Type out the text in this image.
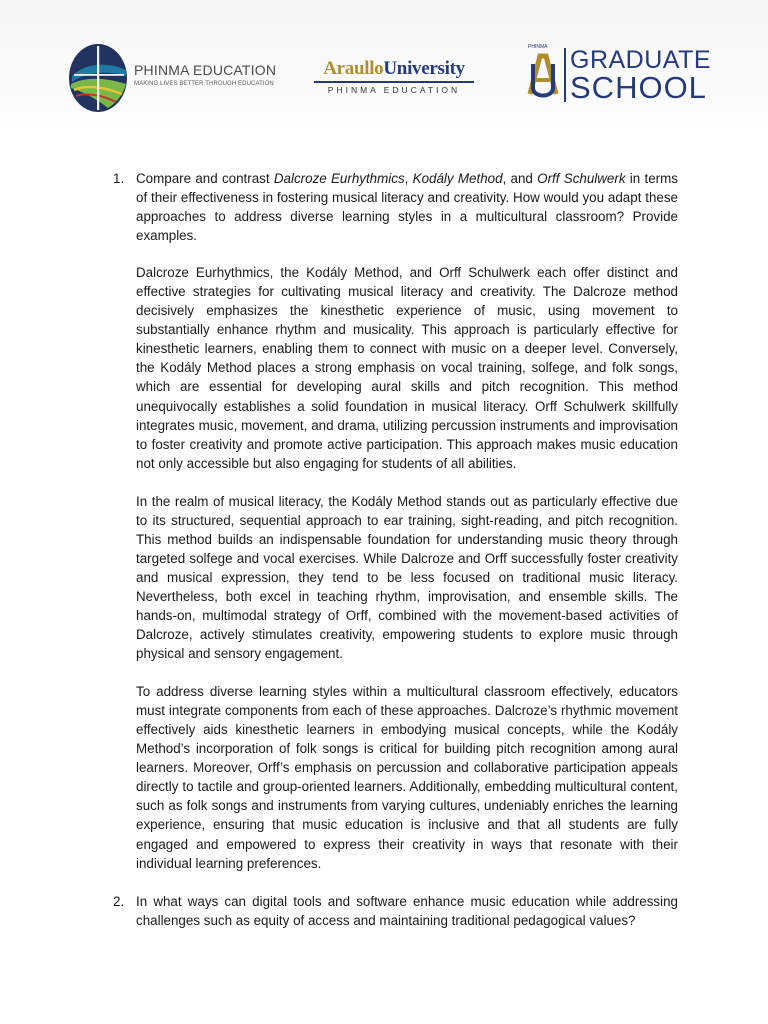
PHINMA EDUCATION
MAKING LIVES BETTER THROUGH EDUCATION
AraulloUniversity
PHINMA EDUCATION
PHINMA GRADUATE
SCHOOL
1. Compare and contrast Dalcroze Eurhythmics, Kodály Method, and Orff Schulwerk in terms of their effectiveness in fostering musical literacy and creativity. How would you adapt these approaches to address diverse learning styles in a multicultural classroom? Provide examples.

Dalcroze Eurhythmics, the Kodály Method, and Orff Schulwerk each offer distinct and effective strategies for cultivating musical literacy and creativity. The Dalcroze method decisively emphasizes the kinesthetic experience of music, using movement to substantially enhance rhythm and musicality. This approach is particularly effective for kinesthetic learners, enabling them to connect with music on a deeper level. Conversely, the Kodály Method places a strong emphasis on vocal training, solfege, and folk songs, which are essential for developing aural skills and pitch recognition. This method unequivocally establishes a solid foundation in musical literacy. Orff Schulwerk skillfully integrates music, movement, and drama, utilizing percussion instruments and improvisation to foster creativity and promote active participation. This approach makes music education not only accessible but also engaging for students of all abilities.

In the realm of musical literacy, the Kodály Method stands out as particularly effective due to its structured, sequential approach to ear training, sight-reading, and pitch recognition. This method builds an indispensable foundation for understanding music theory through targeted solfege and vocal exercises. While Dalcroze and Orff successfully foster creativity and musical expression, they tend to be less focused on traditional music literacy. Nevertheless, both excel in teaching rhythm, improvisation, and ensemble skills. The hands-on, multimodal strategy of Orff, combined with the movement-based activities of Dalcroze, actively stimulates creativity, empowering students to explore music through physical and sensory engagement.

To address diverse learning styles within a multicultural classroom effectively, educators must integrate components from each of these approaches. Dalcroze’s rhythmic movement effectively aids kinesthetic learners in embodying musical concepts, while the Kodály Method’s incorporation of folk songs is critical for building pitch recognition among aural learners. Moreover, Orff’s emphasis on percussion and collaborative participation appeals directly to tactile and group-oriented learners. Additionally, embedding multicultural content, such as folk songs and instruments from varying cultures, undeniably enriches the learning experience, ensuring that music education is inclusive and that all students are fully engaged and empowered to express their creativity in ways that resonate with their individual learning preferences.

2. In what ways can digital tools and software enhance music education while addressing challenges such as equity of access and maintaining traditional pedagogical values?
